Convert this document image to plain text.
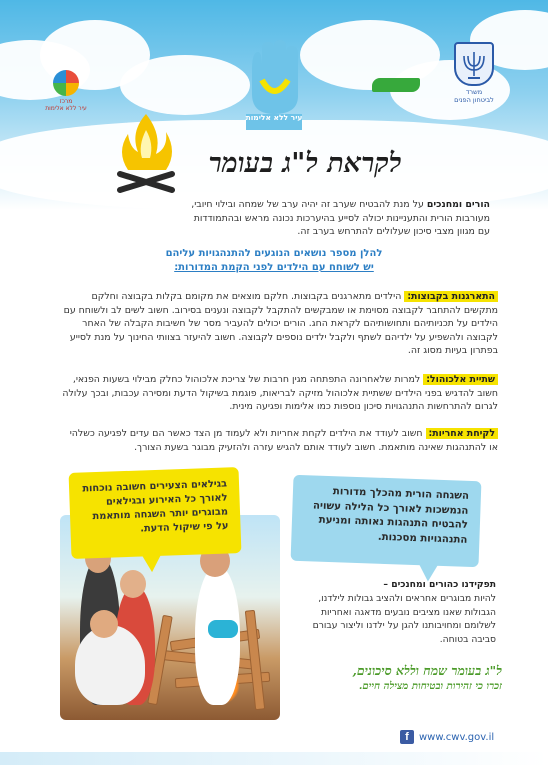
משרד
לביטחון הפנים
עיר ללא אלימות
מרכז
עיר ללא אלימות
לקראת ל"ג בעומר
הורים ומחנכים על מנת להבטיח שערב זה יהיה ערב של שמחה ובילוי חיובי,
מעורבות הורית והתעניינות יכולה לסייע בהיערכות נכונה מראש ובהתמודדות
עם מגוון מצבי סיכון שעלולים להתרחש בערב זה.
להלן מספר נושאים הנוגעים להתנהגויות עליהם
יש לשוחח עם הילדים לפני הקמת המדורות:
התארגנות בקבוצות: הילדים מתארגנים בקבוצות. חלקם מוצאים את מקומם בקלות בקבוצה וחלקם מתקשים להתחבר לקבוצה מסוימת או שמבקשים להתקבל לקבוצה ונענים בסירוב. חשוב לשים לב ולשוחח עם הילדים על תכניותיהם ותחושותיהם לקראת החג. הורים יכולים להעביר מסר של חשיבות הקבלה של האחר לקבוצה ולהשפיע על ילדיהם לשתף ולקבל ילדים נוספים לקבוצה. חשוב להיעזר בצוותי החינוך על מנת לסייע בפתרון בעיות מסוג זה.
שתיית אלכוהול: למרות שלאחרונה התפתחה מגין חרבות של צריכת אלכוהול כחלק מבילוי בשעות הפנאי, חשוב להדגיש בפני הילדים ששתיית אלכוהול מזיקה לבריאות, פוגמת בשיקול הדעת ומסירה עכבות, ובכך עלולה לגרום להתרחשות התנהגויות סיכון נוספות כמו אלימות ופגיעה מינית.
לקיחת אחריות: חשוב לעודד את הילדים לקחת אחריות ולא לעמוד מן הצד כאשר הם עדים לפגיעה כשלהי או להתנהגות שאינה מותאמת. חשוב לעודד אותם להגיש עזרה ולהזעיק מבוגר בשעת הצורך.
בגילאים הצעירים חשובה נוכחות לאורך כל האירוע ובגילאים מבוגרים יותר השגחה מותאמת על פי שיקול הדעת.
השגחה הורית מהכלך מדורות הנמשכות לאורך כל הלילה עשויה להבטיח התנהגות נאותה ומניעת התנהגויות מסכנות.
תפקידנו כהורים ומחנכים –
להיות מבוגרים אחראים ולהציב גבולות לילדנו, הגבולות שאנו מציבים נובעים מדאגה ואחריות לשלומם ומחויבותנו להגן על ילדנו וליצור עבורם סביבה בטוחה.
ל"ג בעומר שמח וללא סיכונים,
זכרו כי זהירות ובטיחות מצילה חיים.
f	www.cwv.gov.il
